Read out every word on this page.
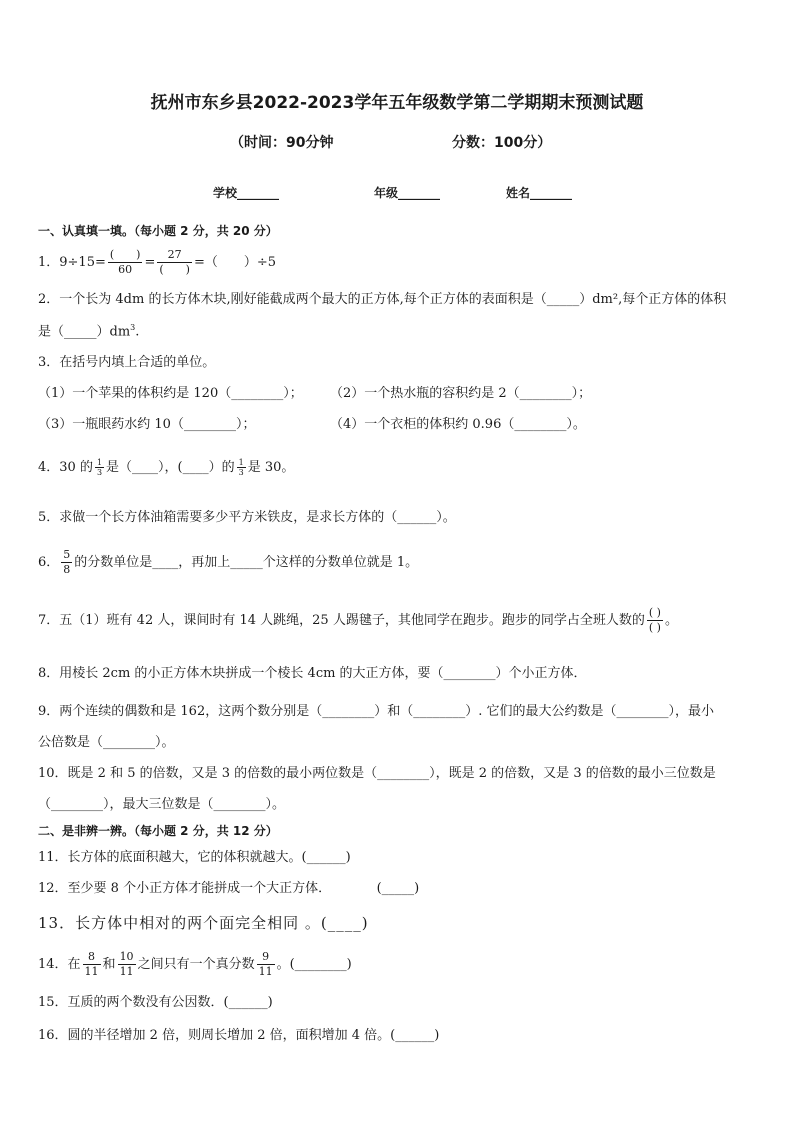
抚州市东乡县2022-2023学年五年级数学第二学期期末预测试题
（时间：90分钟	分数：100分）
学校_______	年级_______	姓名_______
一、认真填一填。（每小题 2 分，共 20 分）
1．$9\div 15= \frac{( )}{60} = \frac{27}{( )}$ =（　　）÷5
2．一个长为 4dm 的长方体木块,刚好能截成两个最大的正方体,每个正方体的表面积是（_____）dm²,每个正方体的体积
是$(\_\_\_\_\_)dm^3$.
3．在括号内填上合适的单位。
（1）一个苹果的体积约是 120（________）； （2）一个热水瓶的容积约是 2（________）；
（3）一瓶眼药水约 10（________）；	（4）一个衣柜的体积约 0.96（________）。
4．30 的 $\frac{1}{3}$ 是（____），(____）的 $\frac{1}{3}$ 是 30。
5．求做一个长方体油箱需要多少平方米铁皮，是求长方体的（______）。
6． $\frac{5}{8}$ 的分数单位是____，再加上_____个这样的分数单位就是 1。
7．五（1）班有 42 人，课间时有 14 人跳绳，25 人踢毽子，其他同学在跑步。跑步的同学占全班人数的 $\frac{( )}{( )}$ 。
8．用棱长 2cm 的小正方体木块拼成一个棱长 4cm 的大正方体，要（________）个小正方体．
9．两个连续的偶数和是 162，这两个数分别是（________）和（________）. 它们的最大公约数是（________），最小
公倍数是（________）。
10．既是 2 和 5 的倍数，又是 3 的倍数的最小两位数是（________），既是 2 的倍数，又是 3 的倍数的最小三位数是
（________），最大三位数是（________）。
二、是非辨一辨。（每小题 2 分，共 12 分）
11．长方体的底面积越大，它的体积就越大。(______)
12．至少要 8 个小正方体才能拼成一个大正方体．　　　　(_____)
13．长方体中相对的两个面完全相同 。(____)
14．在 $\frac{8}{11}$ 和 $\frac{10}{11}$ 之间只有一个真分数 $\frac{9}{11}$ 。(________)
15．互质的两个数没有公因数．(______)
16．圆的半径增加 2 倍，则周长增加 2 倍，面积增加 4 倍。(______)
